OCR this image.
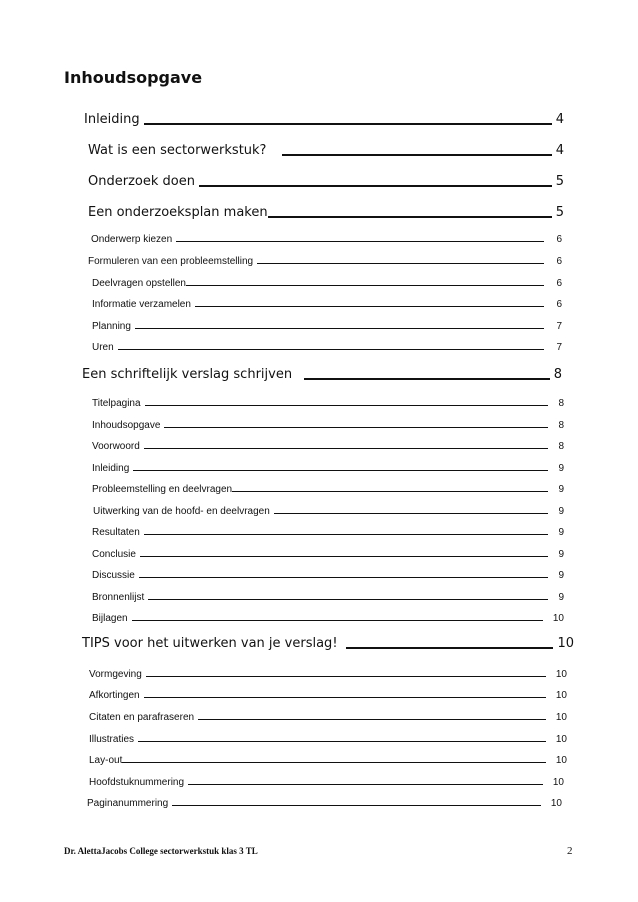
Inhoudsopgave
Inleiding	4
Wat is een sectorwerkstuk?	4
Onderzoek doen	5
Een onderzoeksplan maken	5
Onderwerp kiezen	6
Formuleren van een probleemstelling	6
Deelvragen opstellen	6
Informatie verzamelen	6
Planning	7
Uren	7
Een schriftelijk verslag schrijven	8
Titelpagina	8
Inhoudsopgave	8
Voorwoord	8
Inleiding	9
Probleemstelling en deelvragen	9
Uitwerking van de hoofd- en deelvragen	9
Resultaten	9
Conclusie	9
Discussie	9
Bronnenlijst	9
Bijlagen	10
TIPS voor het uitwerken van je verslag!	10
Vormgeving	10
Afkortingen	10
Citaten en parafraseren	10
Illustraties	10
Lay-out	10
Hoofdstuknummering	10
Paginanummering	10
Dr. AlettaJacobs College sectorwerkstuk klas 3 TL	2
